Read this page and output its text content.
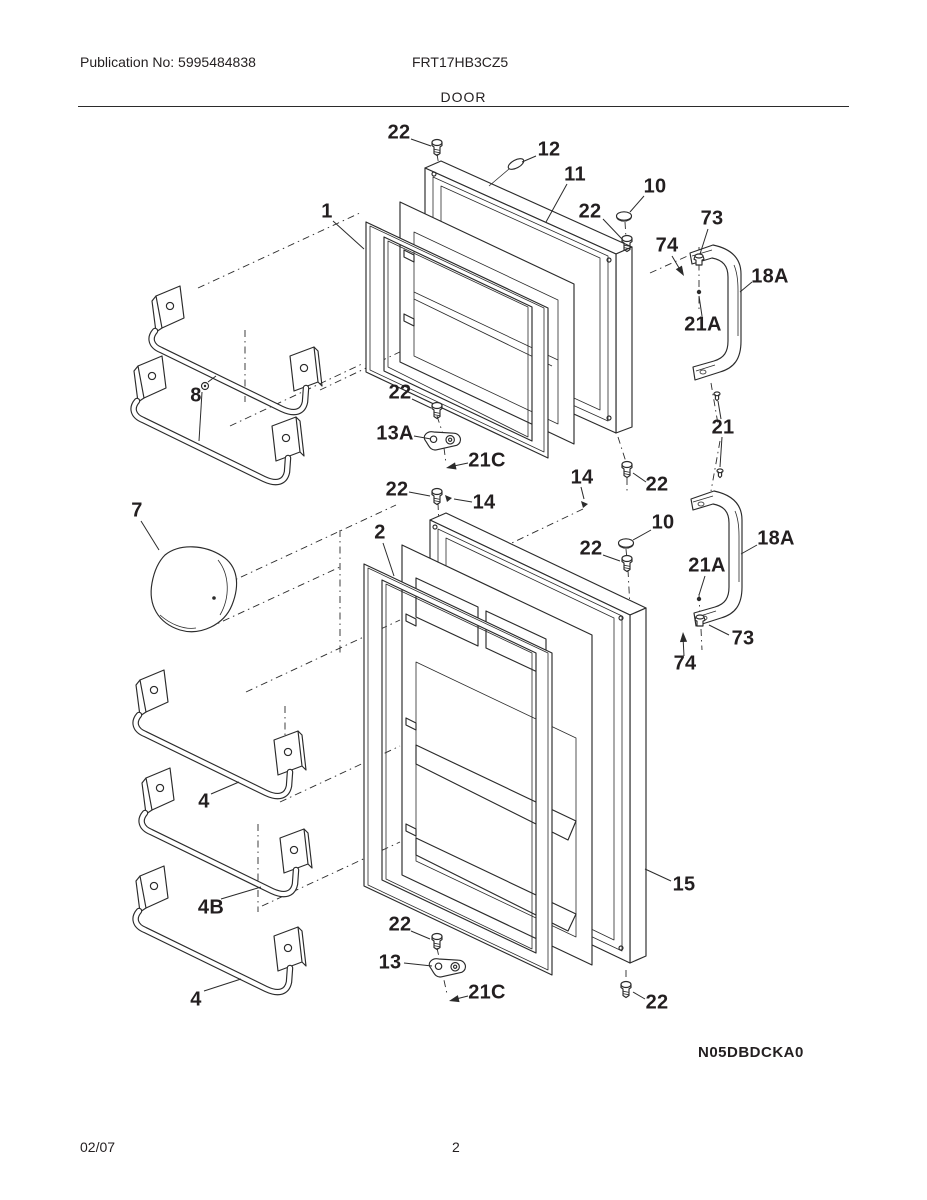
Publication No: 5995484838	FRT17HB3CZ5
DOOR
22
12
11
10
22	73
74
18A
1
21A
8
21
22
13A
21C
14	22
22
14
7
10
2	18A
22
21A
73
74
4
4B
15
22
13
21C
4	22
N05DBDCKA0
02/07	2
